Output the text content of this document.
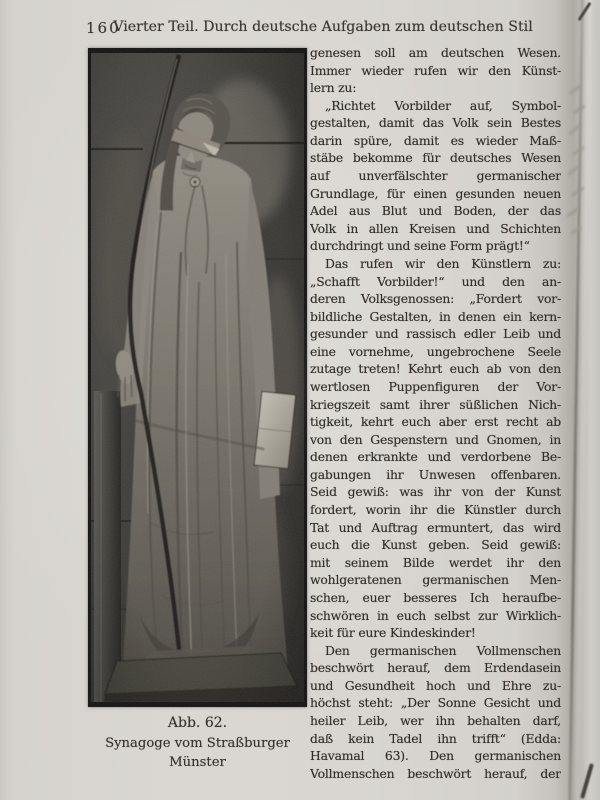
160
Vierter Teil. Durch deutsche Aufgaben zum deutschen Stil
Abb. 62.
Synagoge vom Straßburger
Münster
genesen soll am deutschen Wesen.
Immer wieder rufen wir den Künst-
lern zu:
„Richtet Vorbilder auf, Symbol-
gestalten, damit das Volk sein Bestes
darin spüre, damit es wieder Maß-
stäbe bekomme für deutsches Wesen
auf unverfälschter germanischer
Grundlage, für einen gesunden neuen
Adel aus Blut und Boden, der das
Volk in allen Kreisen und Schichten
durchdringt und seine Form prägt!“
Das rufen wir den Künstlern zu:
„Schafft Vorbilder!“ und den an-
deren Volksgenossen: „Fordert vor-
bildliche Gestalten, in denen ein kern-
gesunder und rassisch edler Leib und
eine vornehme, ungebrochene Seele
zutage treten! Kehrt euch ab von den
wertlosen Puppenfiguren der Vor-
kriegszeit samt ihrer süßlichen Nich-
tigkeit, kehrt euch aber erst recht ab
von den Gespenstern und Gnomen, in
denen erkrankte und verdorbene Be-
gabungen ihr Unwesen offenbaren.
Seid gewiß: was ihr von der Kunst
fordert, worin ihr die Künstler durch
Tat und Auftrag ermuntert, das wird
euch die Kunst geben. Seid gewiß:
mit seinem Bilde werdet ihr den
wohlgeratenen germanischen Men-
schen, euer besseres Ich heraufbe-
schwören in euch selbst zur Wirklich-
keit für eure Kindeskinder!
Den germanischen Vollmenschen
beschwört herauf, dem Erdendasein
und Gesundheit hoch und Ehre zu-
höchst steht: „Der Sonne Gesicht und
heiler Leib, wer ihn behalten darf,
daß kein Tadel ihn trifft“ (Edda:
Havamal 63). Den germanischen
Vollmenschen beschwört herauf, der
